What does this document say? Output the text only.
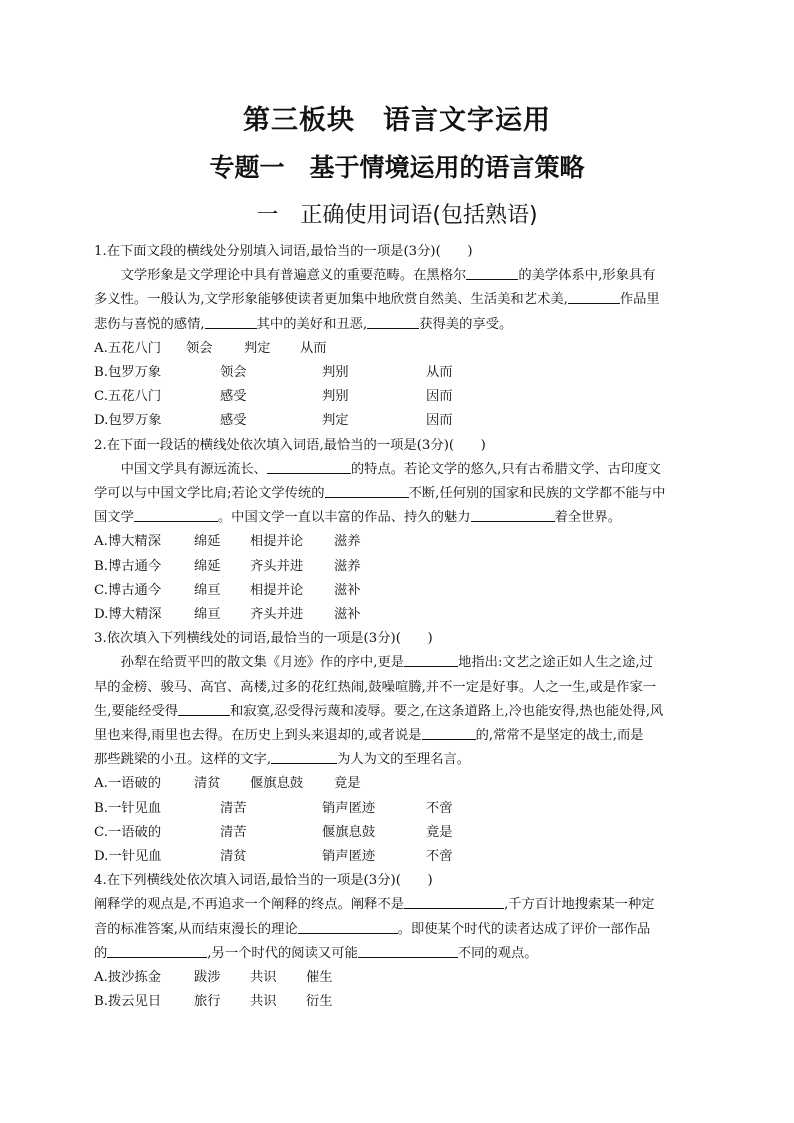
第三板块　语言文字运用
专题一　基于情境运用的语言策略
一　正确使用词语(包括熟语)

1.在下面文段的横线处分别填入词语,最恰当的一项是(3分)(　　)

　　文学形象是文学理论中具有普遍意义的重要范畴。在黑格尔	的美学体系中,形象具有

多义性。一般认为,文学形象能够使读者更加集中地欣赏自然美、生活美和艺术美,	作品里

悲伤与喜悦的感情,	其中的美好和丑恶,	获得美的享受。

A.五花八门	领会	判定	从而

B.包罗万象	领会	判别	从而

C.五花八门	感受	判别	因而

D.包罗万象	感受	判定	因而

2.在下面一段话的横线处依次填入词语,最恰当的一项是(3分)(　　)

　　中国文学具有源远流长、	的特点。若论文学的悠久,只有古希腊文学、古印度文

学可以与中国文学比肩;若论文学传统的	不断,任何别的国家和民族的文学都不能与中

国文学	。中国文学一直以丰富的作品、持久的魅力	着全世界。

A.博大精深	绵延	相提并论	滋养

B.博古通今	绵延	齐头并进	滋养

C.博古通今	绵亘	相提并论	滋补

D.博大精深	绵亘	齐头并进	滋补

3.依次填入下列横线处的词语,最恰当的一项是(3分)(　　)

　　孙犁在给贾平凹的散文集《月迹》作的序中,更是	地指出:文艺之途正如人生之途,过

早的金榜、骏马、高官、高楼,过多的花红热闹,鼓噪喧腾,并不一定是好事。人之一生,或是作家一

生,要能经受得	和寂寞,忍受得污蔑和凌辱。要之,在这条道路上,冷也能安得,热也能处得,风

里也来得,雨里也去得。在历史上到头来退却的,或者说是	的,常常不是坚定的战士,而是

那些跳梁的小丑。这样的文字,	为人为文的至理名言。

A.一语破的	清贫	偃旗息鼓	竟是

B.一针见血	清苦	销声匿迹	不啻

C.一语破的	清苦	偃旗息鼓	竟是

D.一针见血	清贫	销声匿迹	不啻

4.在下列横线处依次填入词语,最恰当的一项是(3分)(　　)

阐释学的观点是,不再追求一个阐释的终点。阐释不是	,千方百计地搜索某一种定

音的标准答案,从而结束漫长的理论	。即使某个时代的读者达成了评价一部作品

的	,另一个时代的阅读又可能	不同的观点。

A.披沙拣金	跋涉	共识	催生

B.拨云见日	旅行	共识	衍生
